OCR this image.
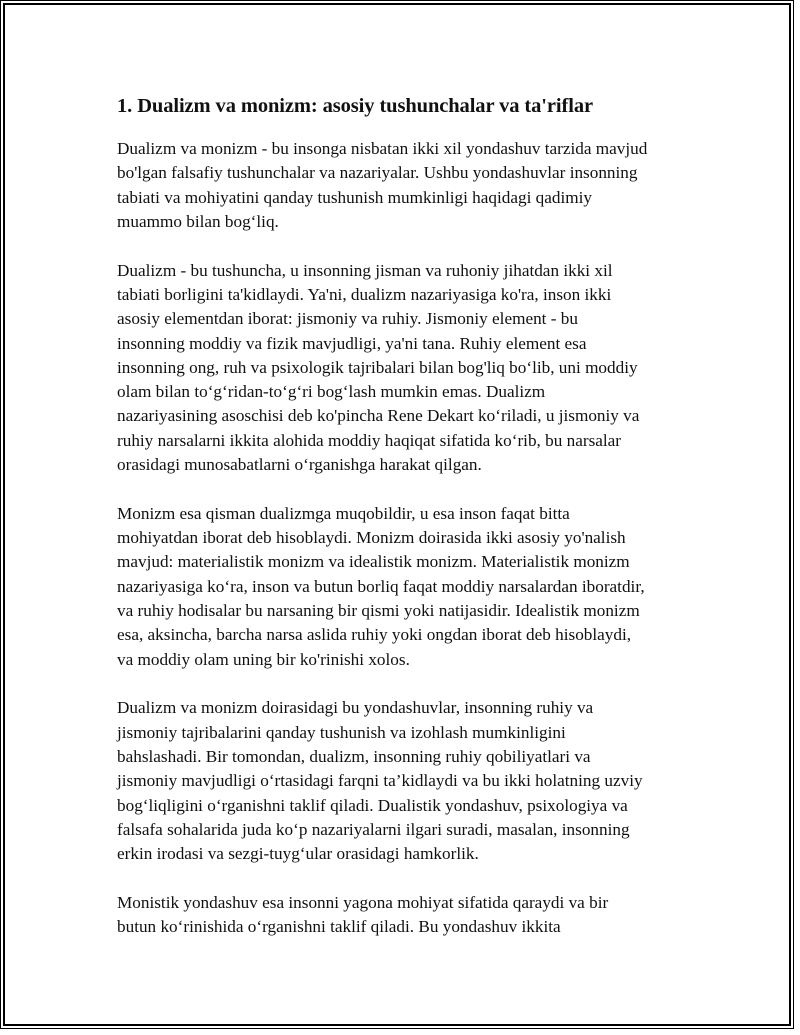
1. Dualizm va monizm: asosiy tushunchalar va ta'riflar

Dualizm va monizm - bu insonga nisbatan ikki xil yondashuv tarzida mavjud
bo'lgan falsafiy tushunchalar va nazariyalar. Ushbu yondashuvlar insonning
tabiati va mohiyatini qanday tushunish mumkinligi haqidagi qadimiy
muammo bilan bog‘liq.

Dualizm - bu tushuncha, u insonning jisman va ruhoniy jihatdan ikki xil
tabiati borligini ta'kidlaydi. Ya'ni, dualizm nazariyasiga ko'ra, inson ikki
asosiy elementdan iborat: jismoniy va ruhiy. Jismoniy element - bu
insonning moddiy va fizik mavjudligi, ya'ni tana. Ruhiy element esa
insonning ong, ruh va psixologik tajribalari bilan bog'liq bo‘lib, uni moddiy
olam bilan to‘g‘ridan-to‘g‘ri bog‘lash mumkin emas. Dualizm
nazariyasining asoschisi deb ko'pincha Rene Dekart ko‘riladi, u jismoniy va
ruhiy narsalarni ikkita alohida moddiy haqiqat sifatida ko‘rib, bu narsalar
orasidagi munosabatlarni o‘rganishga harakat qilgan.

Monizm esa qisman dualizmga muqobildir, u esa inson faqat bitta
mohiyatdan iborat deb hisoblaydi. Monizm doirasida ikki asosiy yo'nalish
mavjud: materialistik monizm va idealistik monizm. Materialistik monizm
nazariyasiga ko‘ra, inson va butun borliq faqat moddiy narsalardan iboratdir,
va ruhiy hodisalar bu narsaning bir qismi yoki natijasidir. Idealistik monizm
esa, aksincha, barcha narsa aslida ruhiy yoki ongdan iborat deb hisoblaydi,
va moddiy olam uning bir ko'rinishi xolos.

Dualizm va monizm doirasidagi bu yondashuvlar, insonning ruhiy va
jismoniy tajribalarini qanday tushunish va izohlash mumkinligini
bahslashadi. Bir tomondan, dualizm, insonning ruhiy qobiliyatlari va
jismoniy mavjudligi o‘rtasidagi farqni ta’kidlaydi va bu ikki holatning uzviy
bog‘liqligini o‘rganishni taklif qiladi. Dualistik yondashuv, psixologiya va
falsafa sohalarida juda ko‘p nazariyalarni ilgari suradi, masalan, insonning
erkin irodasi va sezgi-tuyg‘ular orasidagi hamkorlik.

Monistik yondashuv esa insonni yagona mohiyat sifatida qaraydi va bir
butun ko‘rinishida o‘rganishni taklif qiladi. Bu yondashuv ikkita
